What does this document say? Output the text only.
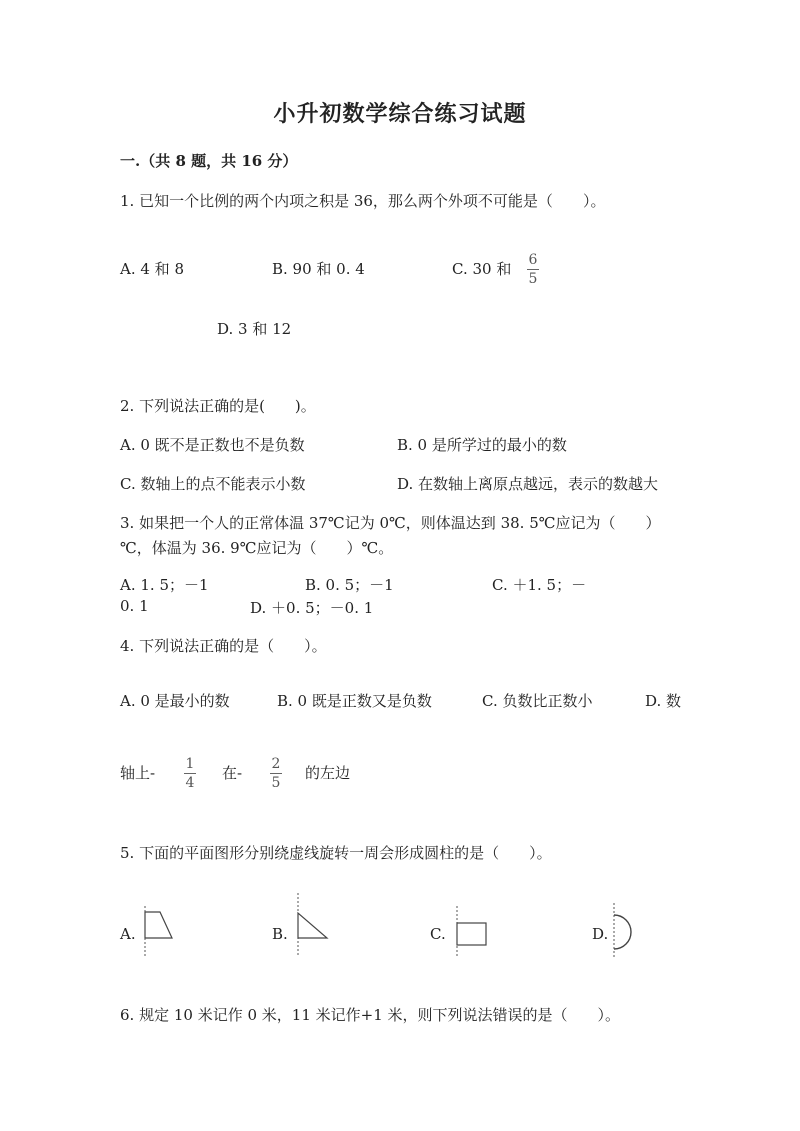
小升初数学综合练习试题
一.（共 8 题，共 16 分）
1. 已知一个比例的两个内项之积是 36，那么两个外项不可能是（　　）。
A. 4 和 8	B. 90 和 0. 4	C. 30 和 6
5
D. 3 和 12
2. 下列说法正确的是(　　)。
A. 0 既不是正数也不是负数	B. 0 是所学过的最小的数
C. 数轴上的点不能表示小数	D. 在数轴上离原点越远，表示的数越大
3. 如果把一个人的正常体温 37℃记为 0℃，则体温达到 38. 5℃应记为（　　）
℃，体温为 36. 9℃应记为（　　）℃。
A. 1. 5；－1	B. 0. 5；－1	C. ＋1. 5；－
0. 1	D. ＋0. 5；－0. 1
4. 下列说法正确的是（　　）。
A. 0 是最小的数	B. 0 既是正数又是负数	C. 负数比正数小	D. 数
轴上- 1
4
在- 2
5
的左边
5. 下面的平面图形分别绕虚线旋转一周会形成圆柱的是（　　）。
A.	B.	C.	D.
6. 规定 10 米记作 0 米，11 米记作+1 米，则下列说法错误的是（　　）。
